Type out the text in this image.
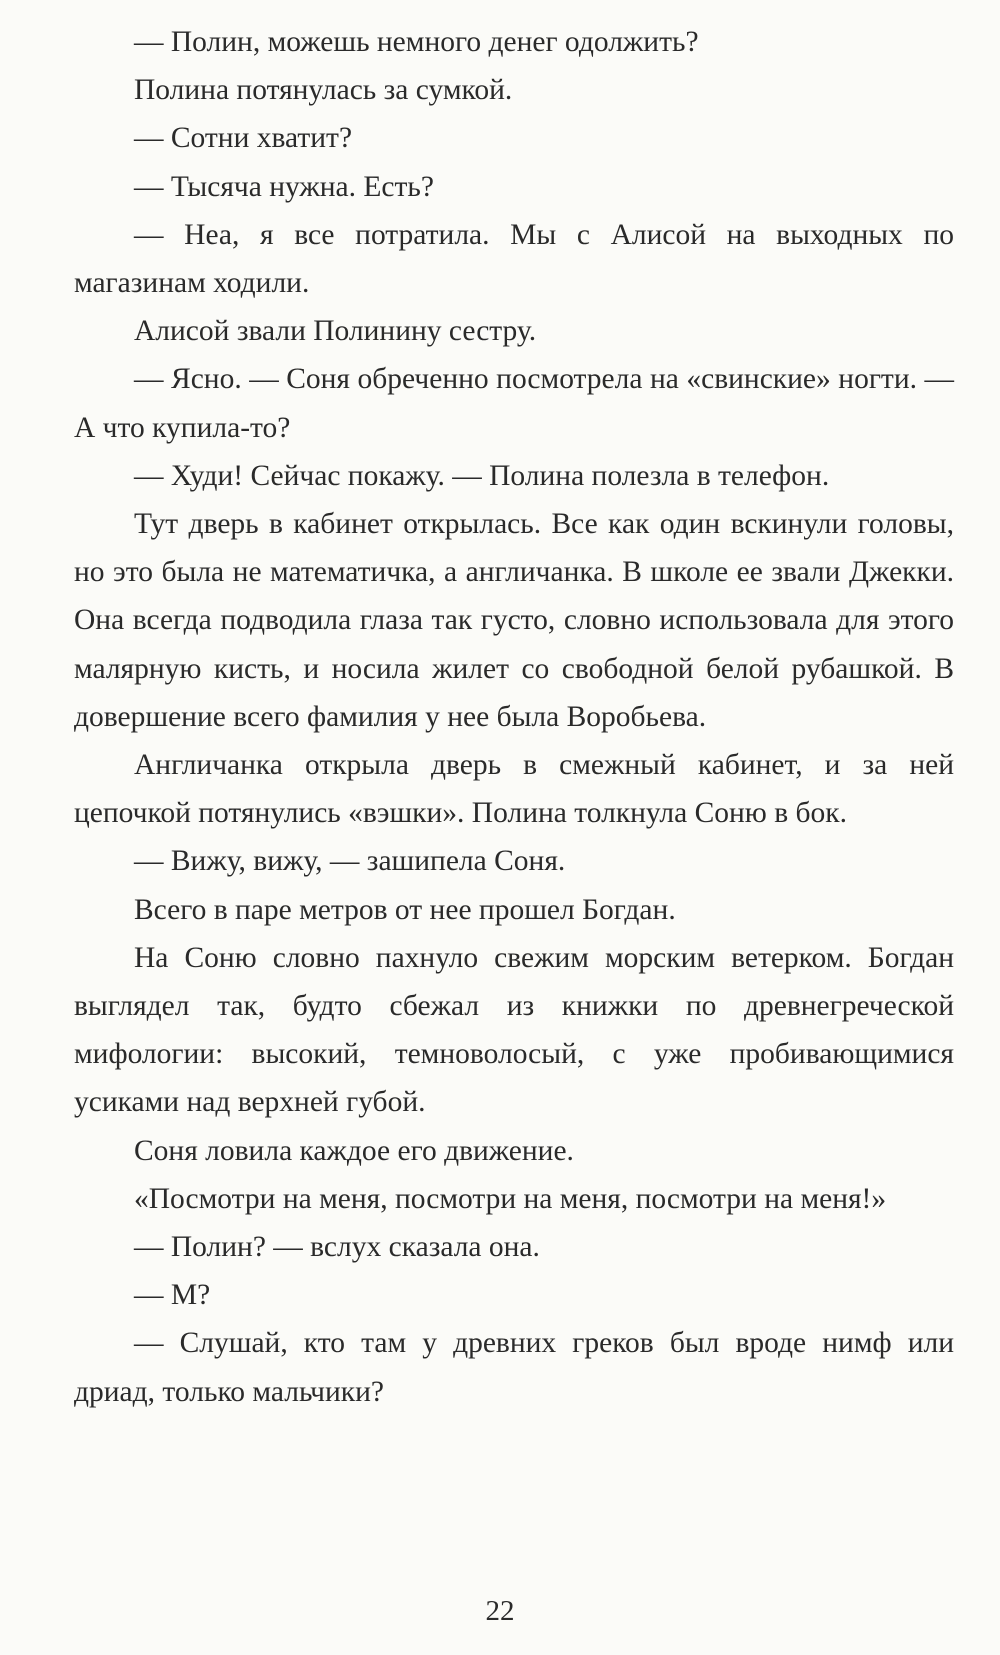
— Полин, можешь немного денег одолжить?

Полина потянулась за сумкой.

— Сотни хватит?

— Тысяча нужна. Есть?

— Неа, я все потратила. Мы с Алисой на выходных по магазинам ходили.

Алисой звали Полинину сестру.

— Ясно. — Соня обреченно посмотрела на «свинские» ногти. — А что купила-то?

— Худи! Сейчас покажу. — Полина полезла в телефон.

Тут дверь в кабинет открылась. Все как один вскинули головы, но это была не математичка, а англичанка. В школе ее звали Джекки. Она всегда подводила глаза так густо, словно использовала для этого малярную кисть, и носила жилет со свободной белой рубашкой. В довершение всего фамилия у нее была Воробьева.

Англичанка открыла дверь в смежный кабинет, и за ней цепочкой потянулись «вэшки». Полина толкнула Соню в бок.

— Вижу, вижу, — зашипела Соня.

Всего в паре метров от нее прошел Богдан.

На Соню словно пахнуло свежим морским ветерком. Богдан выглядел так, будто сбежал из книжки по древнегреческой мифологии: высокий, темноволосый, с уже пробивающимися усиками над верхней губой.

Соня ловила каждое его движение.

«Посмотри на меня, посмотри на меня, посмотри на меня!»

— Полин? — вслух сказала она.

— М?

— Слушай, кто там у древних греков был вроде нимф или дриад, только мальчики?

22
